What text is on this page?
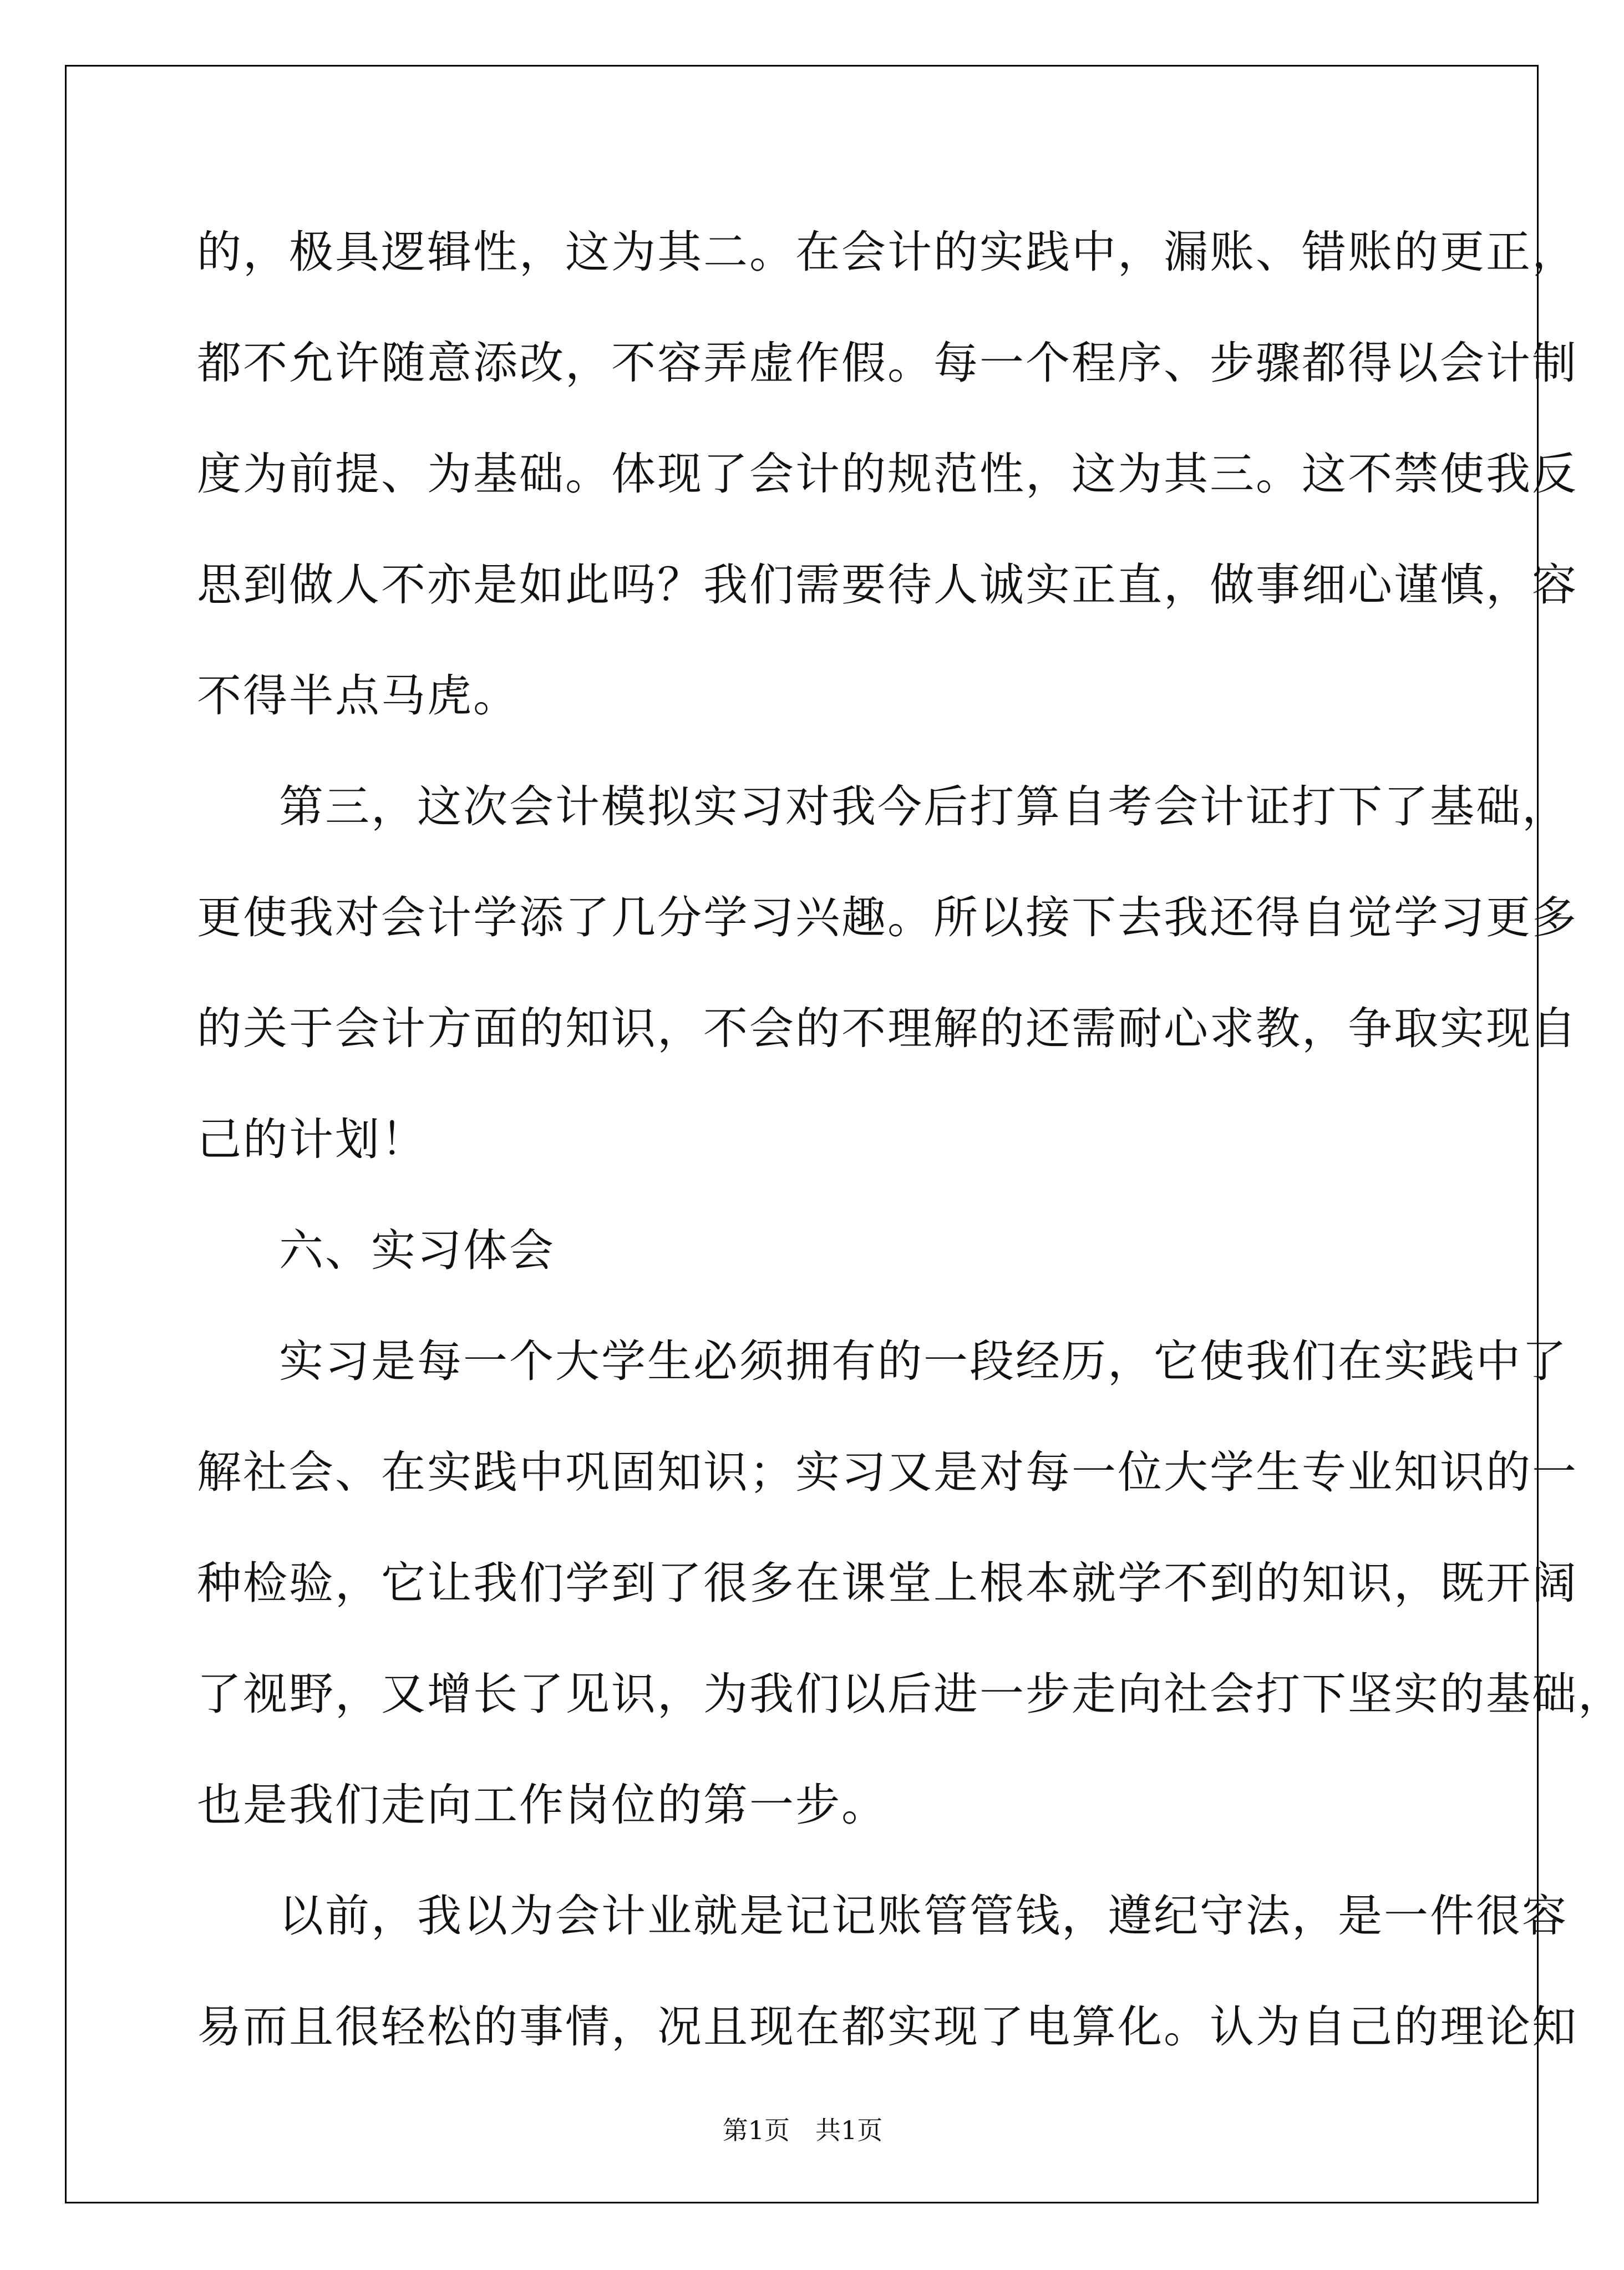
的，极具逻辑性，这为其二。在会计的实践中，漏账、错账的更正，
都不允许随意添改，不容弄虚作假。每一个程序、步骤都得以会计制
度为前提、为基础。体现了会计的规范性，这为其三。这不禁使我反
思到做人不亦是如此吗？我们需要待人诚实正直，做事细心谨慎，容
不得半点马虎。
第三，这次会计模拟实习对我今后打算自考会计证打下了基础，
更使我对会计学添了几分学习兴趣。所以接下去我还得自觉学习更多
的关于会计方面的知识，不会的不理解的还需耐心求教，争取实现自
己的计划！
六、实习体会
实习是每一个大学生必须拥有的一段经历，它使我们在实践中了
解社会、在实践中巩固知识；实习又是对每一位大学生专业知识的一
种检验，它让我们学到了很多在课堂上根本就学不到的知识，既开阔
了视野，又增长了见识，为我们以后进一步走向社会打下坚实的基础，
也是我们走向工作岗位的第一步。
以前，我以为会计业就是记记账管管钱，遵纪守法，是一件很容
易而且很轻松的事情，况且现在都实现了电算化。认为自己的理论知
第1页　共1页
